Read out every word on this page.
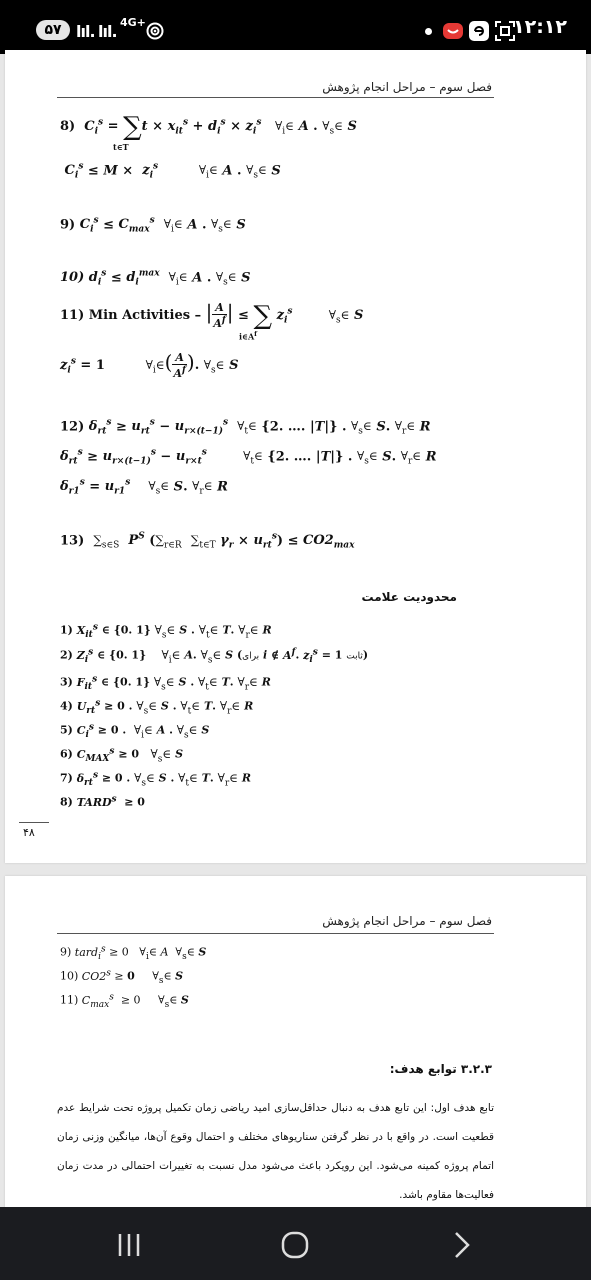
۵۷ lıl. lıl. 4G+	۱۲:۱۲
فصل سوم – مراحل انجام پژوهش
8) $C_i^s = \sum t \times x_{it}^s + d_i^s \times z_i^s$ $\forall_i\in$ A . $\forall_s\in$ S
t∈T
$C_i^s \le M \times z_i^s$	$\forall_i\in$ A . $\forall_s\in$ S
9) $C_i^s \le C_{max}^s$ $\forall_i\in$ A . $\forall_s\in$ S
10) $d_i^s \le d_i^{max}$ $\forall_i\in$ A . $\forall_s\in$ S
11) Min Activities – | $\frac{A}{A^f}$ | ≤ ∑ $z_i^s$	$\forall_s\in$ S
$i\in A^f$
$z_i^s = 1$         $\forall_i\in( \frac{A}{A^f}$ ). $\forall_s\in$ S
12) $\delta_{rt}^s \ge u_{rt}^s - u_{r\times(t-1)}^s$ $\forall_t\in$ {2. …. |T|} . $\forall_s\in$ S. $\forall_r\in$ R
$\delta_{rt}^s \ge u_{r\times(t-1)}^s - u_{r\times t}^s$	$\forall_t\in$ {2. …. |T|} . $\forall_s\in$ S. $\forall_r\in$ R
$\delta_{r1}^s = u_{r1}^s$ $\forall_s\in$ S. $\forall_r\in$ R
13) $\sum_{s\in S}$ $P^S$ ($\sum_{r\in R}$ $\sum_{t\in T}$ $\gamma_r \times u_{rt}^s) \le CO2_{max}$
محدودیت علامت
1) $X_{it}^s$ ∈ {0. 1} $\forall_s\in$ S . $\forall_t\in$ T. $\forall_r\in$ R
2) $Z_i^s$ ∈ {0. 1}    $\forall_i\in$ A. $\forall_s\in$ S (برای i ∉ $A^f$. $z_i^s = 1$ ثابت)
3) $F_{it}^s$ ∈ {0. 1} $\forall_s\in$ S . $\forall_t\in$ T. $\forall_r\in$ R
4) $U_{rt}^s \ge 0$ . $\forall_s\in$ S . $\forall_t\in$ T. $\forall_r\in$ R
5) $C_i^s \ge 0$ .  $\forall_i\in$ A . $\forall_s\in$ S
6) $C_{MAX}^s \ge 0$   $\forall_s\in$ S
7) $\delta_{rt}^s \ge 0$ . $\forall_s\in$ S . $\forall_t\in$ T. $\forall_r\in$ R
8) TARD$^s$  ≥ 0
۴۸
فصل سوم – مراحل انجام پژوهش
9) tard$_i^s$ ≥ 0   $\forall_i\in$ A  $\forall_s\in$ S
10) $CO2^s \ge 0$     $\forall_s\in$ S
11) $C_{max}^s \ge 0$     $\forall_s\in$ S
۳.۲.۳ توابع هدف:
تابع هدف اول: این تابع هدف به دنبال حداقل‌سازی امید ریاضی زمان تکمیل پروژه تحت شرایط عدم قطعیت است. در واقع با در نظر گرفتن سناریوهای مختلف و احتمال وقوع آن‌ها، میانگین وزنی زمان اتمام پروژه کمینه می‌شود. این رویکرد باعث می‌شود مدل نسبت به تغییرات احتمالی در مدت زمان فعالیت‌ها مقاوم باشد.
